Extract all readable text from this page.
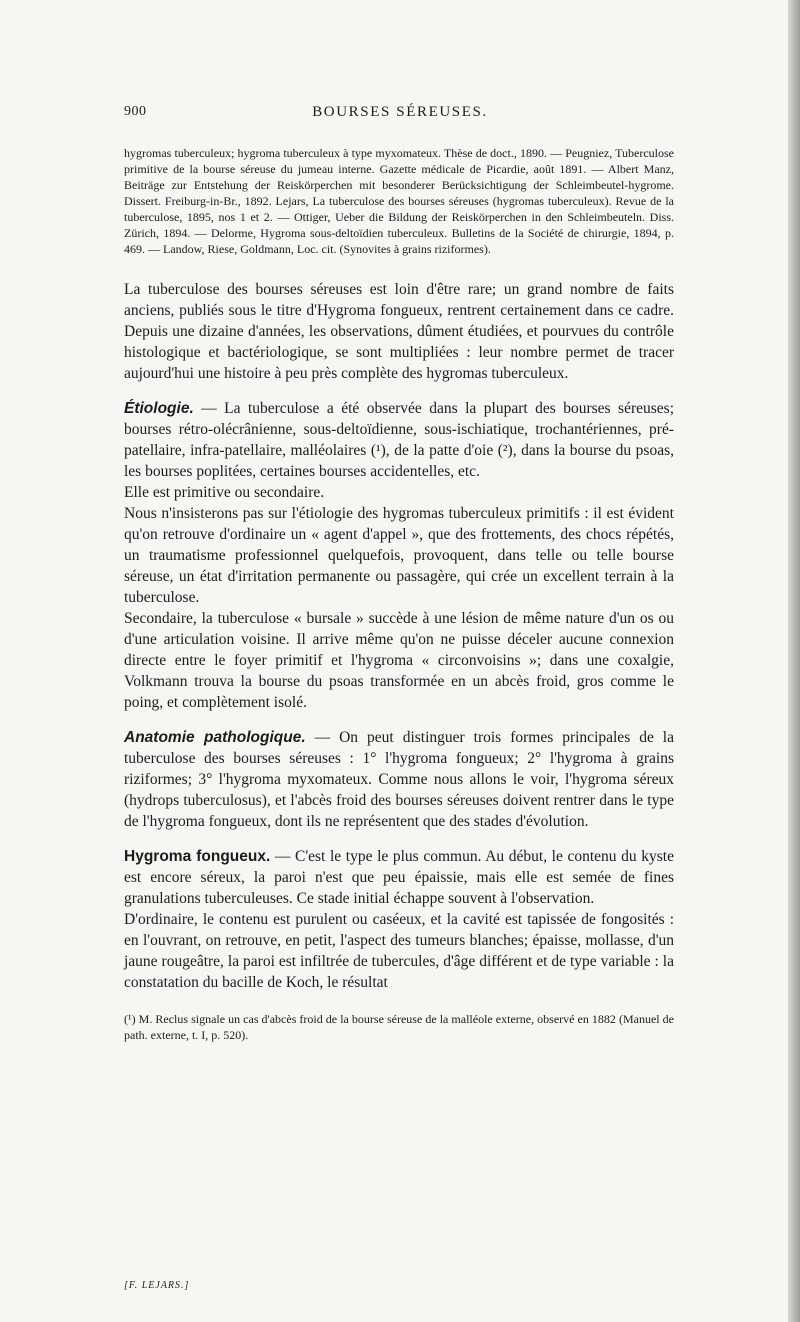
900	BOURSES SÉREUSES.

hygromas tuberculeux; hygroma tuberculeux à type myxomateux. Thèse de doct., 1890. — Peugniez, Tuberculose primitive de la bourse séreuse du jumeau interne. Gazette médicale de Picardie, août 1891. — Albert Manz, Beiträge zur Entstehung der Reiskörperchen mit besonderer Berücksichtigung der Schleimbeutel-hygrome. Dissert. Freiburg-in-Br., 1892. Lejars, La tuberculose des bourses séreuses (hygromas tuberculeux). Revue de la tuberculose, 1895, nos 1 et 2. — Ottiger, Ueber die Bildung der Reiskörperchen in den Schleimbeuteln. Diss. Zürich, 1894. — Delorme, Hygroma sous-deltoïdien tuberculeux. Bulletins de la Société de chirurgie, 1894, p. 469. — Landow, Riese, Goldmann, Loc. cit. (Synovites à grains riziformes).

La tuberculose des bourses séreuses est loin d'être rare; un grand nombre de faits anciens, publiés sous le titre d'Hygroma fongueux, rentrent certainement dans ce cadre. Depuis une dizaine d'années, les observations, dûment étudiées, et pourvues du contrôle histologique et bactériologique, se sont multipliées : leur nombre permet de tracer aujourd'hui une histoire à peu près complète des hygromas tuberculeux.

Étiologie. — La tuberculose a été observée dans la plupart des bourses séreuses; bourses rétro-olécrânienne, sous-deltoïdienne, sous-ischiatique, trochantériennes, pré-patellaire, infra-patellaire, malléolaires (¹), de la patte d'oie (²), dans la bourse du psoas, les bourses poplitées, certaines bourses accidentelles, etc.

Elle est primitive ou secondaire.

Nous n'insisterons pas sur l'étiologie des hygromas tuberculeux primitifs : il est évident qu'on retrouve d'ordinaire un « agent d'appel », que des frottements, des chocs répétés, un traumatisme professionnel quelquefois, provoquent, dans telle ou telle bourse séreuse, un état d'irritation permanente ou passagère, qui crée un excellent terrain à la tuberculose.

Secondaire, la tuberculose « bursale » succède à une lésion de même nature d'un os ou d'une articulation voisine. Il arrive même qu'on ne puisse déceler aucune connexion directe entre le foyer primitif et l'hygroma « circonvoisins »; dans une coxalgie, Volkmann trouva la bourse du psoas transformée en un abcès froid, gros comme le poing, et complètement isolé.

Anatomie pathologique. — On peut distinguer trois formes principales de la tuberculose des bourses séreuses : 1° l'hygroma fongueux; 2° l'hygroma à grains riziformes; 3° l'hygroma myxomateux. Comme nous allons le voir, l'hygroma séreux (hydrops tuberculosus), et l'abcès froid des bourses séreuses doivent rentrer dans le type de l'hygroma fongueux, dont ils ne représentent que des stades d'évolution.

Hygroma fongueux. — C'est le type le plus commun. Au début, le contenu du kyste est encore séreux, la paroi n'est que peu épaissie, mais elle est semée de fines granulations tuberculeuses. Ce stade initial échappe souvent à l'observation.

D'ordinaire, le contenu est purulent ou caséeux, et la cavité est tapissée de fongosités : en l'ouvrant, on retrouve, en petit, l'aspect des tumeurs blanches; épaisse, mollasse, d'un jaune rougeâtre, la paroi est infiltrée de tubercules, d'âge différent et de type variable : la constatation du bacille de Koch, le résultat

(¹) M. Reclus signale un cas d'abcès froid de la bourse séreuse de la malléole externe, observé en 1882 (Manuel de path. externe, t. I, p. 520).

[F. LEJARS.]
